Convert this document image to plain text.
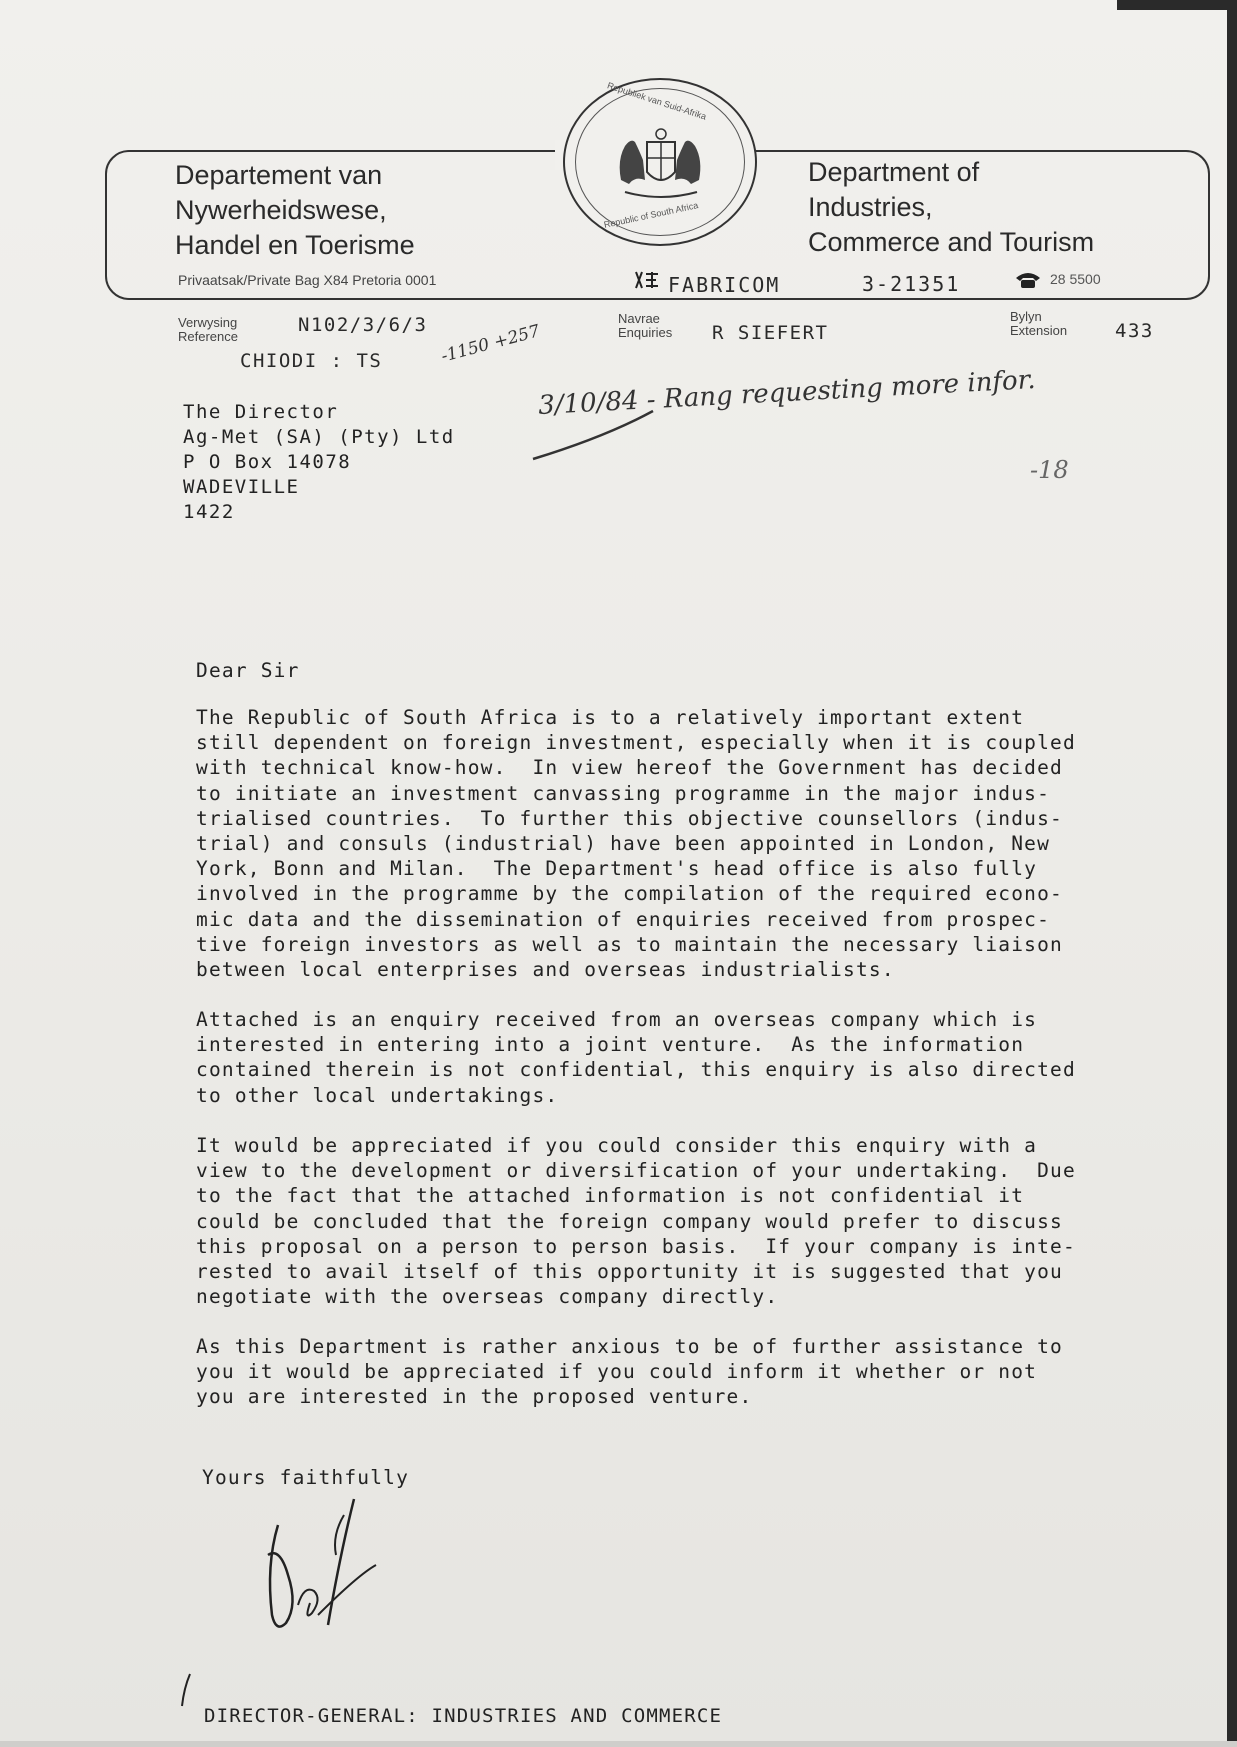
Republiek van Suid-Afrika
Republic of South Africa
Departement van
Nywerheidswese,
Handel en Toerisme
Department of
Industries,
Commerce and Tourism
Privaatsak/Private Bag X84 Pretoria 0001	FABRICOM	3-21351	28 5500
Verwysing
Reference
N102/3/6/3
CHIODI : TS
Navrae
Enquiries R SIEFERT
Bylyn
Extension	433
-1150 +257
3/10/84 - Rang requesting more infor.
-18
The Director
Ag-Met (SA) (Pty) Ltd
P O Box 14078
WADEVILLE
1422
Dear Sir
The Republic of South Africa is to a relatively important extent
still dependent on foreign investment, especially when it is coupled
with technical know-how.  In view hereof the Government has decided
to initiate an investment canvassing programme in the major indus-
trialised countries.  To further this objective counsellors (indus-
trial) and consuls (industrial) have been appointed in London, New
York, Bonn and Milan.  The Department's head office is also fully
involved in the programme by the compilation of the required econo-
mic data and the dissemination of enquiries received from prospec-
tive foreign investors as well as to maintain the necessary liaison
between local enterprises and overseas industrialists.
Attached is an enquiry received from an overseas company which is
interested in entering into a joint venture.  As the information
contained therein is not confidential, this enquiry is also directed
to other local undertakings.
It would be appreciated if you could consider this enquiry with a
view to the development or diversification of your undertaking.  Due
to the fact that the attached information is not confidential it
could be concluded that the foreign company would prefer to discuss
this proposal on a person to person basis.  If your company is inte-
rested to avail itself of this opportunity it is suggested that you
negotiate with the overseas company directly.
As this Department is rather anxious to be of further assistance to
you it would be appreciated if you could inform it whether or not
you are interested in the proposed venture.
Yours faithfully
DIRECTOR-GENERAL: INDUSTRIES AND COMMERCE
